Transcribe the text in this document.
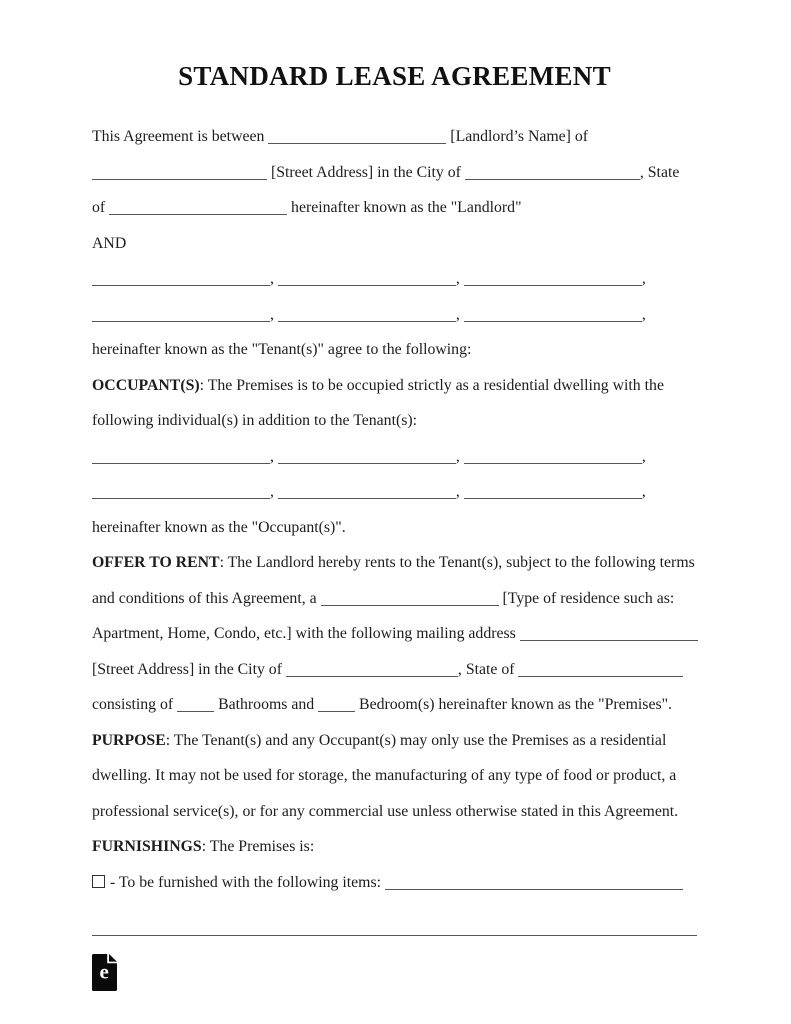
STANDARD LEASE AGREEMENT
This Agreement is between	[Landlord’s Name] of
[Street Address] in the City of	, State
of	hereinafter known as the "Landlord"
AND
,	,	,
,	,	,
hereinafter known as the "Tenant(s)" agree to the following:
OCCUPANT(S): The Premises is to be occupied strictly as a residential dwelling with the
following individual(s) in addition to the Tenant(s):
,	,	,
,	,	,
hereinafter known as the "Occupant(s)".
OFFER TO RENT: The Landlord hereby rents to the Tenant(s), subject to the following terms
and conditions of this Agreement, a	[Type of residence such as:
Apartment, Home, Condo, etc.] with the following mailing address
[Street Address] in the City of	, State of
consisting of  Bathrooms and  Bedroom(s) hereinafter known as the "Premises".
PURPOSE: The Tenant(s) and any Occupant(s) may only use the Premises as a residential
dwelling. It may not be used for storage, the manufacturing of any type of food or product, a
professional service(s), or for any commercial use unless otherwise stated in this Agreement.
FURNISHINGS: The Premises is:
- To be furnished with the following items:
e
